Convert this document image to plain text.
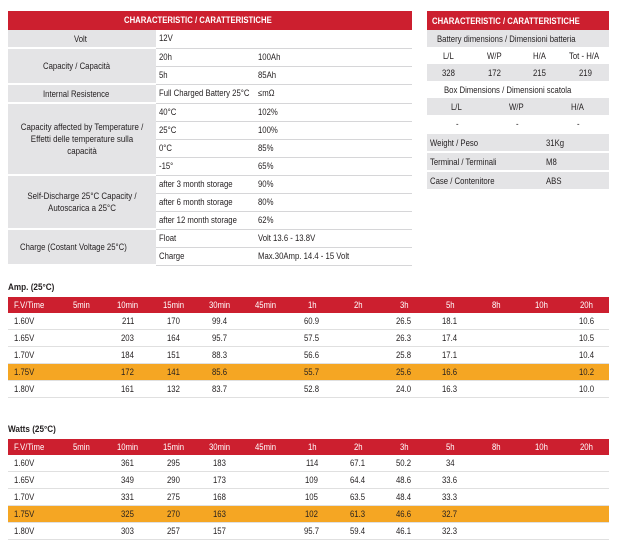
CHARACTERISTIC / CARATTERISTICHE		
Volt	12V	
Capacity / Capacità	20h	100Ah
	5h	85Ah
Internal Resistence	Full Charged Battery 25°C	≤mΩ

Capacity affected by Temperature / Effetti delle temperature sulla capacità	40°C	102%
	25°C	100%
	0°C	85%
	-15°	65%

Self-Discharge 25°C Capacity / Autoscarica a 25°C	after 3 month storage	90%
	after 6 month storage	80%
	after 12 month storage	62%
Charge (Costant Voltage 25°C)	Float	Volt 13.6 - 13.8V
	Charge	Max.30Amp. 14.4 - 15 Volt
CHARACTERISTIC / CARATTERISTICHE			
Battery dimensions / Dimensioni batteria			
L/L	W/P	H/A	Tot - H/A
328	172	215	219
Box Dimensions / Dimensioni scatola		
L/L	W/P	H/A
-	-	-
Weight / Peso	31Kg
Terminal / Terminali	M8
Case / Contenitore	ABS
Amp. (25°C)
F.V/Time	5min	10min	15min	30min	45min	1h	2h	3h	5h	8h	10h	20h
1.60V		211	170	99.4		60.9		26.5	18.1			10.6
1.65V		203	164	95.7		57.5		26.3	17.4			10.5
1.70V		184	151	88.3		56.6		25.8	17.1			10.4
1.75V		172	141	85.6		55.7		25.6	16.6			10.2
1.80V		161	132	83.7		52.8		24.0	16.3			10.0
Watts (25°C)
F.V/Time	5min	10min	15min	30min	45min	1h	2h	3h	5h	8h	10h	20h
1.60V		361	295	183		114	67.1	50.2	34			
1.65V		349	290	173		109	64.4	48.6	33.6			
1.70V		331	275	168		105	63.5	48.4	33.3			
1.75V		325	270	163		102	61.3	46.6	32.7			
1.80V		303	257	157		95.7	59.4	46.1	32.3			
